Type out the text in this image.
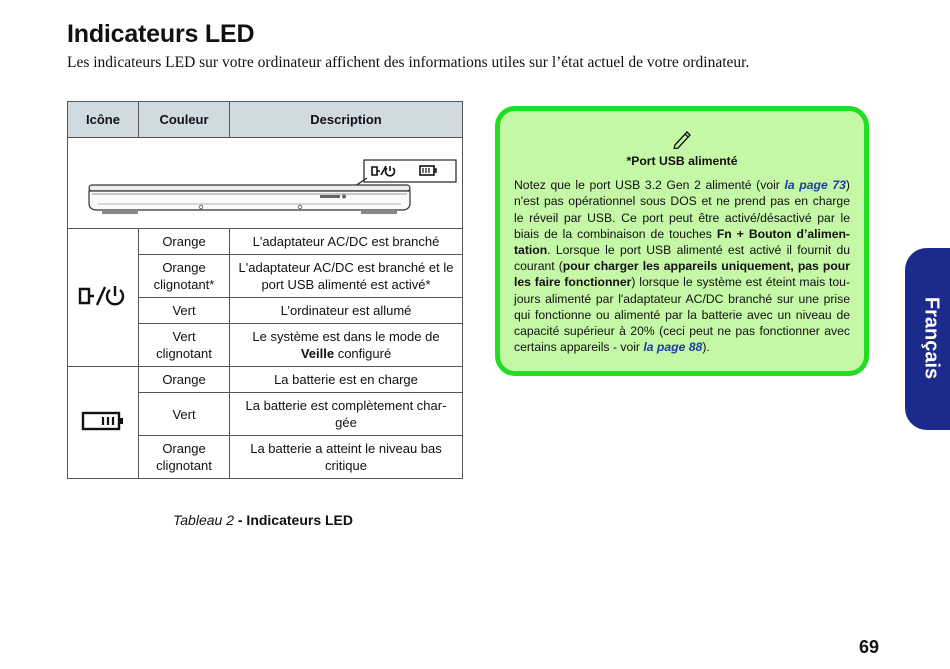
Indicateurs LED
Les indicateurs LED sur votre ordinateur affichent des informations utiles sur l’état actuel de votre ordinateur.
Icône	Couleur	Description

	Orange	L'adaptateur AC/DC est branché
	Orange clignotant*	L'adaptateur AC/DC est branché et le port USB alimenté est activé*
	Vert	L’ordinateur est allumé
	Vert clignotant	Le système est dans le mode de Veille configuré
	Orange	La batterie est en charge
	Vert	La batterie est complètement char-gée
	Orange clignotant	La batterie a atteint le niveau bas critique
Tableau 2 - Indicateurs LED
*Port USB alimenté
Notez que le port USB 3.2 Gen 2 alimenté (voir la page 73) n'est pas opérationnel sous DOS et ne prend pas en charge le réveil par USB. Ce port peut être activé/désactivé par le biais de la combinaison de touches Fn + Bouton d’alimen-tation. Lorsque le port USB alimenté est activé il fournit du courant (pour charger les appareils uniquement, pas pour les faire fonctionner) lorsque le système est éteint mais tou-jours alimenté par l'adaptateur AC/DC branché sur une prise qui fonctionne ou alimenté par la batterie avec un niveau de capacité supérieur à 20% (ceci peut ne pas fonctionner avec certains appareils - voir la page 88).	Français
69
